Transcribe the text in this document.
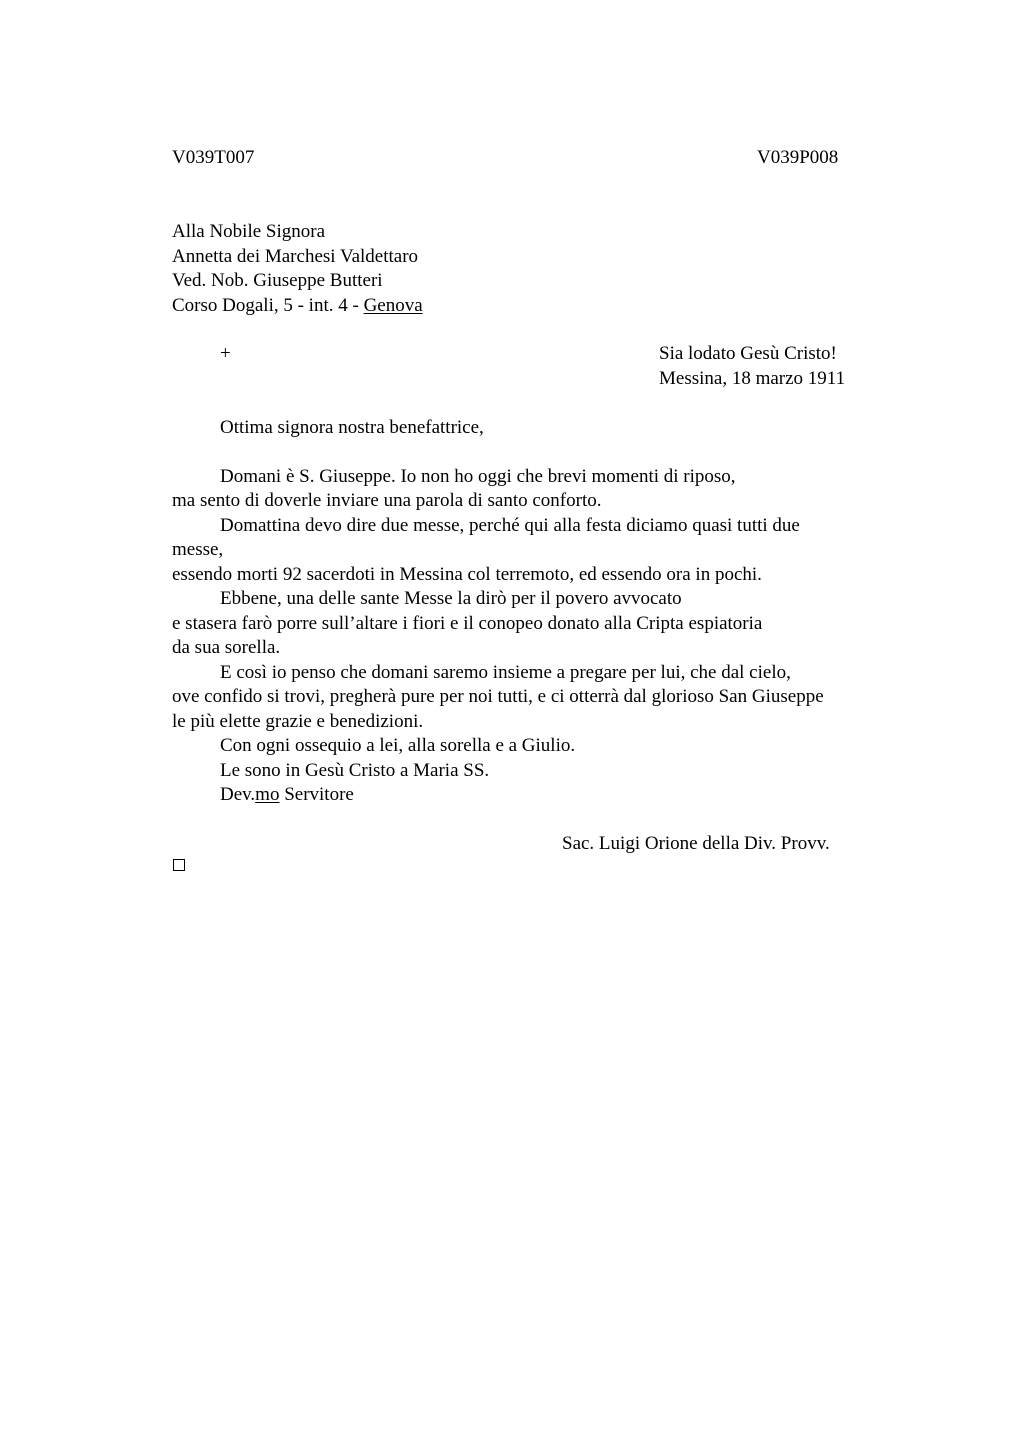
V039T007	V039P008
Alla Nobile Signora
Annetta dei Marchesi Valdettaro
Ved. Nob. Giuseppe Butteri
Corso Dogali, 5 - int. 4 - Genova
+	Sia lodato Gesù Cristo!
Messina, 18 marzo 1911
Ottima signora nostra benefattrice,
Domani è S. Giuseppe. Io non ho oggi che brevi momenti di riposo,
ma sento di doverle inviare una parola di santo conforto.
Domattina devo dire due messe, perché qui alla festa diciamo quasi tutti due
messe,
essendo morti 92 sacerdoti in Messina col terremoto, ed essendo ora in pochi.
Ebbene, una delle sante Messe la dirò per il povero avvocato
e stasera farò porre sull’altare i fiori e il conopeo donato alla Cripta espiatoria
da sua sorella.
E così io penso che domani saremo insieme a pregare per lui, che dal cielo,
ove confido si trovi, pregherà pure per noi tutti, e ci otterrà dal glorioso San Giuseppe
le più elette grazie e benedizioni.
Con ogni ossequio a lei, alla sorella e a Giulio.
Le sono in Gesù Cristo a Maria SS.
Dev.mo Servitore
Sac. Luigi Orione della Div. Provv.
